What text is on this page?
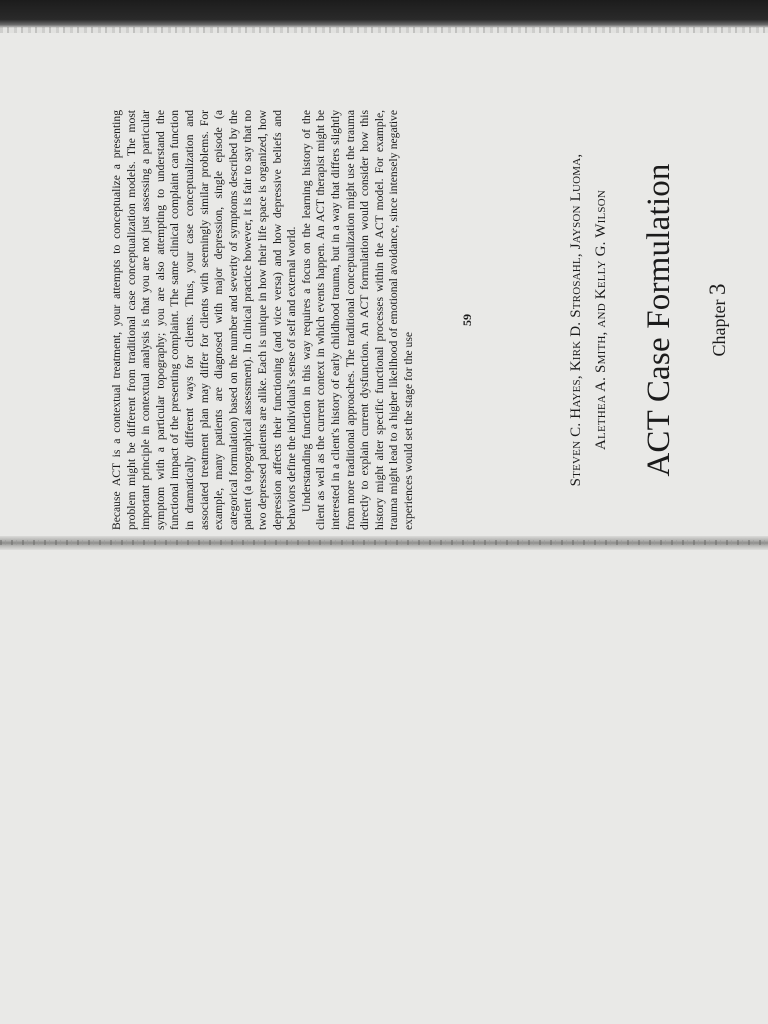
Chapter 3
ACT Case Formulation
Steven C. Hayes, Kirk D. Strosahl, Jayson Luoma, Alethea A. Smith, and Kelly G. Wilson

Because ACT is a contextual treatment, your attempts to conceptualize a presenting problem might be different from traditional case conceptualization models. The most important principle in contextual analysis is that you are not just assessing a particular symptom with a particular topography; you are also attempting to understand the functional impact of the presenting complaint. The same clinical complaint can function in dramatically different ways for clients. Thus, your case conceptualization and associated treatment plan may differ for clients with seemingly similar problems. For example, many patients are diagnosed with major depression, single episode (a categorical formulation) based on the number and severity of symptoms described by the patient (a topographical assessment). In clinical practice however, it is fair to say that no two depressed patients are alike. Each is unique in how their life space is organized, how depression affects their functioning (and vice versa) and how depressive beliefs and behaviors define the individual's sense of self and external world. Understanding function in this way requires a focus on the learning history of the client as well as the current context in which events happen. An ACT therapist might be interested in a client's history of early childhood trauma, but in a way that differs slightly from more traditional approaches. The traditional conceptualization might use the trauma directly to explain current dysfunction. An ACT formulation would consider how this history might alter specific functional processes within the ACT model. For example, trauma might lead to a higher likelihood of emotional avoidance, since intensely negative experiences would set the stage for the use

59
